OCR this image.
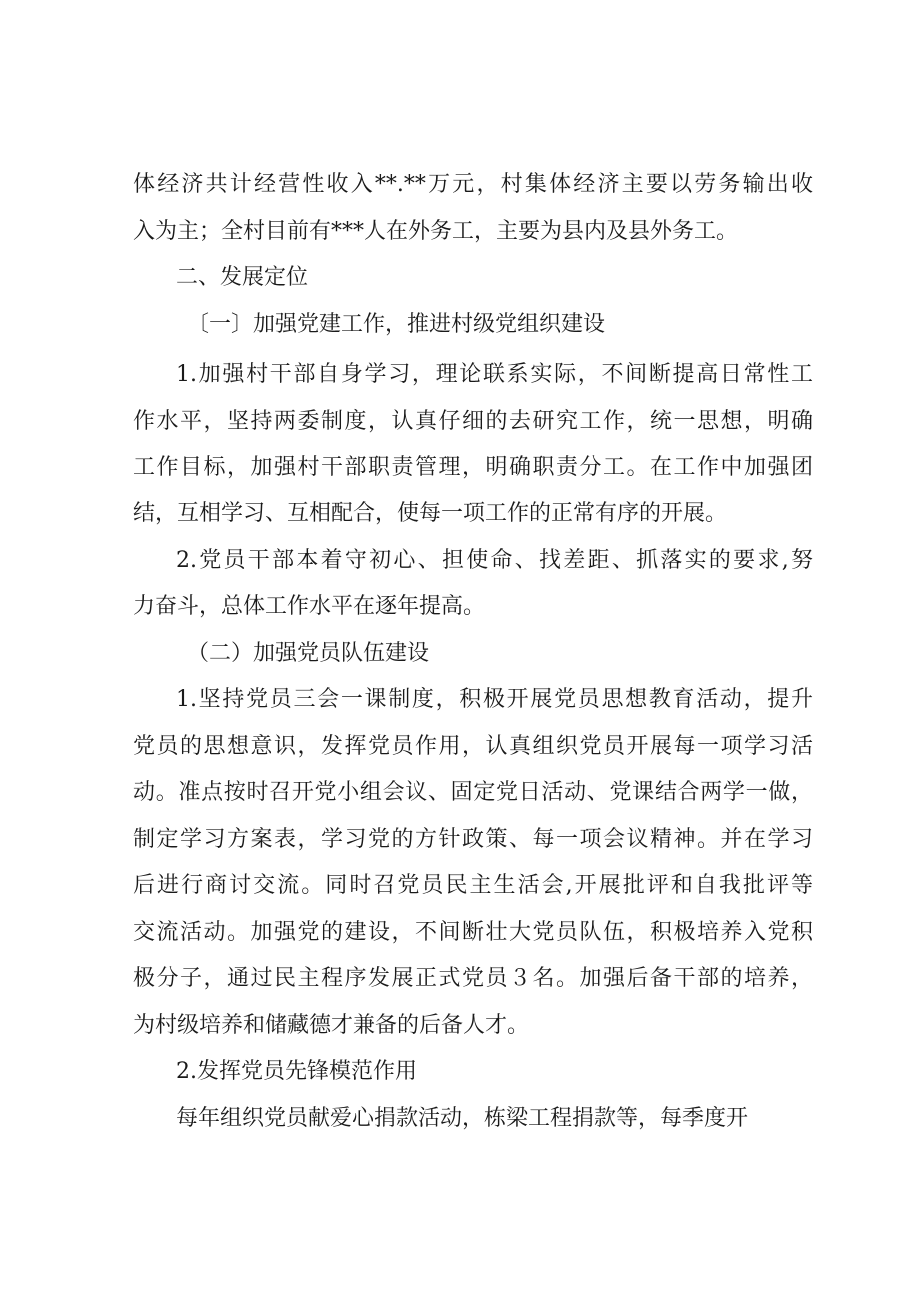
体经济共计经营性收入**.**万元，村集体经济主要以劳务输出收
入为主；全村目前有***人在外务工，主要为县内及县外务工。
二、发展定位
〔一〕加强党建工作，推进村级党组织建设
1.加强村干部自身学习，理论联系实际，不间断提高日常性工
作水平，坚持两委制度，认真仔细的去研究工作，统一思想，明确
工作目标，加强村干部职责管理，明确职责分工。在工作中加强团
结，互相学习、互相配合，使每一项工作的正常有序的开展。
2.党员干部本着守初心、担使命、找差距、抓落实的要求,努
力奋斗，总体工作水平在逐年提高。
（二）加强党员队伍建设
1.坚持党员三会一课制度，积极开展党员思想教育活动，提升
党员的思想意识，发挥党员作用，认真组织党员开展每一项学习活
动。准点按时召开党小组会议、固定党日活动、党课结合两学一做，
制定学习方案表，学习党的方针政策、每一项会议精神。并在学习
后进行商讨交流。同时召党员民主生活会,开展批评和自我批评等
交流活动。加强党的建设，不间断壮大党员队伍，积极培养入党积
极分子，通过民主程序发展正式党员３名。加强后备干部的培养，
为村级培养和储藏德才兼备的后备人才。
2.发挥党员先锋模范作用
每年组织党员献爱心捐款活动，栋梁工程捐款等，每季度开
